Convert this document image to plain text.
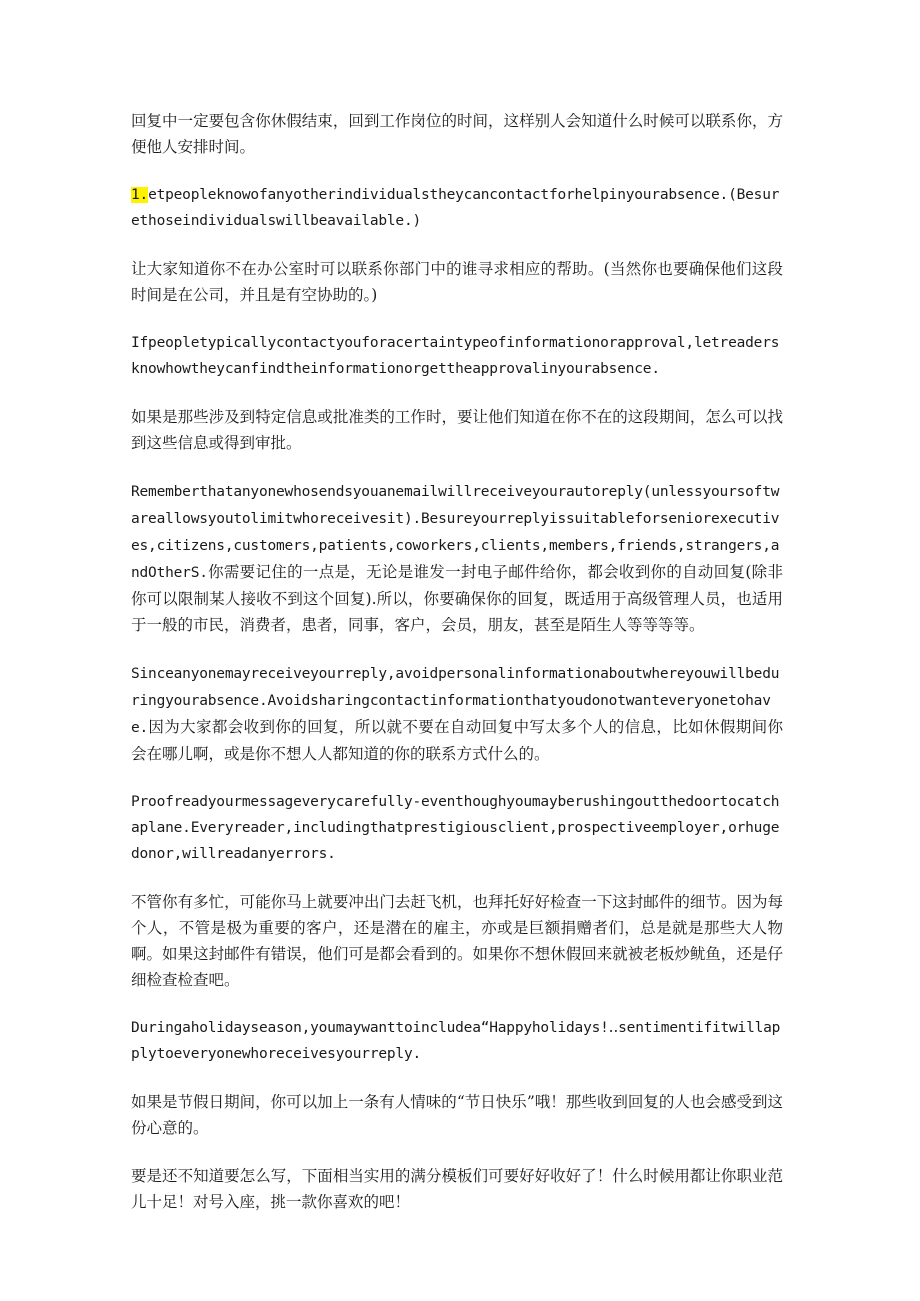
回复中一定要包含你休假结束，回到工作岗位的时间，这样别人会知道什么时候可以联系你，方便他人安排时间。

1.etpeopleknowofanyotherindividualstheycancontactforhelpinyourabsence.(Besurethoseindividualswillbeavailable.)

让大家知道你不在办公室时可以联系你部门中的谁寻求相应的帮助。(当然你也要确保他们这段时间是在公司，并且是有空协助的。)

Ifpeopletypicallycontactyouforacertaintypeofinformationorapproval,letreadersknowhowtheycanfindtheinformationorgettheapprovalinyourabsence.

如果是那些涉及到特定信息或批准类的工作时，要让他们知道在你不在的这段期间，怎么可以找到这些信息或得到审批。

Rememberthatanyonewhosendsyouanemailwillreceiveyourautoreply(unlessyoursoftwareallowsyoutolimitwhoreceivesit).Besureyourreplyissuitableforseniorexecutives,citizens,customers,patients,coworkers,clients,members,friends,strangers,andOtherS.你需要记住的一点是，无论是谁发一封电子邮件给你，都会收到你的自动回复(除非你可以限制某人接收不到这个回复).所以，你要确保你的回复，既适用于高级管理人员，也适用于一般的市民，消费者，患者，同事，客户，会员，朋友，甚至是陌生人等等等等。

Sinceanyonemayreceiveyourreply,avoidpersonalinformationaboutwhereyouwillbeduringyourabsence.Avoidsharingcontactinformationthatyoudonotwanteveryonetohave.因为大家都会收到你的回复，所以就不要在自动回复中写太多个人的信息，比如休假期间你会在哪儿啊，或是你不想人人都知道的你的联系方式什么的。

Proofreadyourmessageverycarefully-eventhoughyoumayberushingoutthedoortocatchaplane.Everyreader,includingthatprestigiousclient,prospectiveemployer,orhugedonor,willreadanyerrors.

不管你有多忙，可能你马上就要冲出门去赶飞机，也拜托好好检查一下这封邮件的细节。因为每个人，不管是极为重要的客户，还是潜在的雇主，亦或是巨额捐赠者们，总是就是那些大人物啊。如果这封邮件有错误，他们可是都会看到的。如果你不想休假回来就被老板炒鱿鱼，还是仔细检查检查吧。

Duringaholidayseason,youmaywanttoincludea“Happyholidays!‥sentimentifitwillapplytoeveryonewhoreceivesyourreply.

如果是节假日期间，你可以加上一条有人情味的“节日快乐”哦！那些收到回复的人也会感受到这份心意的。

要是还不知道要怎么写，下面相当实用的满分模板们可要好好收好了！什么时候用都让你职业范儿十足！对号入座，挑一款你喜欢的吧！
